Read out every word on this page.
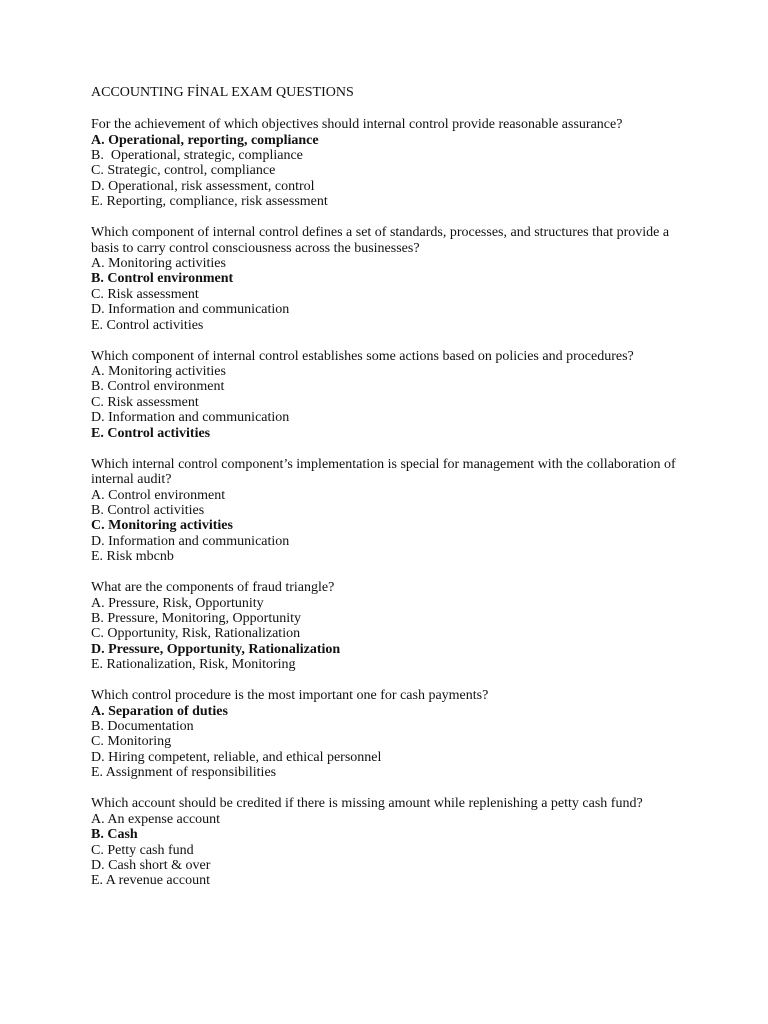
ACCOUNTING FİNAL EXAM QUESTIONS

For the achievement of which objectives should internal control provide reasonable assurance?

A. Operational, reporting, compliance
B.  Operational, strategic, compliance
C. Strategic, control, compliance
D. Operational, risk assessment, control
E. Reporting, compliance, risk assessment

Which component of internal control defines a set of standards, processes, and structures that provide a basis to carry control consciousness across the businesses?

A. Monitoring activities
B. Control environment
C. Risk assessment
D. Information and communication
E. Control activities

Which component of internal control establishes some actions based on policies and procedures?

A. Monitoring activities
B. Control environment
C. Risk assessment
D. Information and communication
E. Control activities

Which internal control component’s implementation is special for management with the collaboration of internal audit?

A. Control environment
B. Control activities
C. Monitoring activities
D. Information and communication
E. Risk mbcnb

What are the components of fraud triangle?

A. Pressure, Risk, Opportunity
B. Pressure, Monitoring, Opportunity
C. Opportunity, Risk, Rationalization
D. Pressure, Opportunity, Rationalization
E. Rationalization, Risk, Monitoring

Which control procedure is the most important one for cash payments?

A. Separation of duties
B. Documentation
C. Monitoring
D. Hiring competent, reliable, and ethical personnel
E. Assignment of responsibilities

Which account should be credited if there is missing amount while replenishing a petty cash fund?

A. An expense account
B. Cash
C. Petty cash fund
D. Cash short & over
E. A revenue account
